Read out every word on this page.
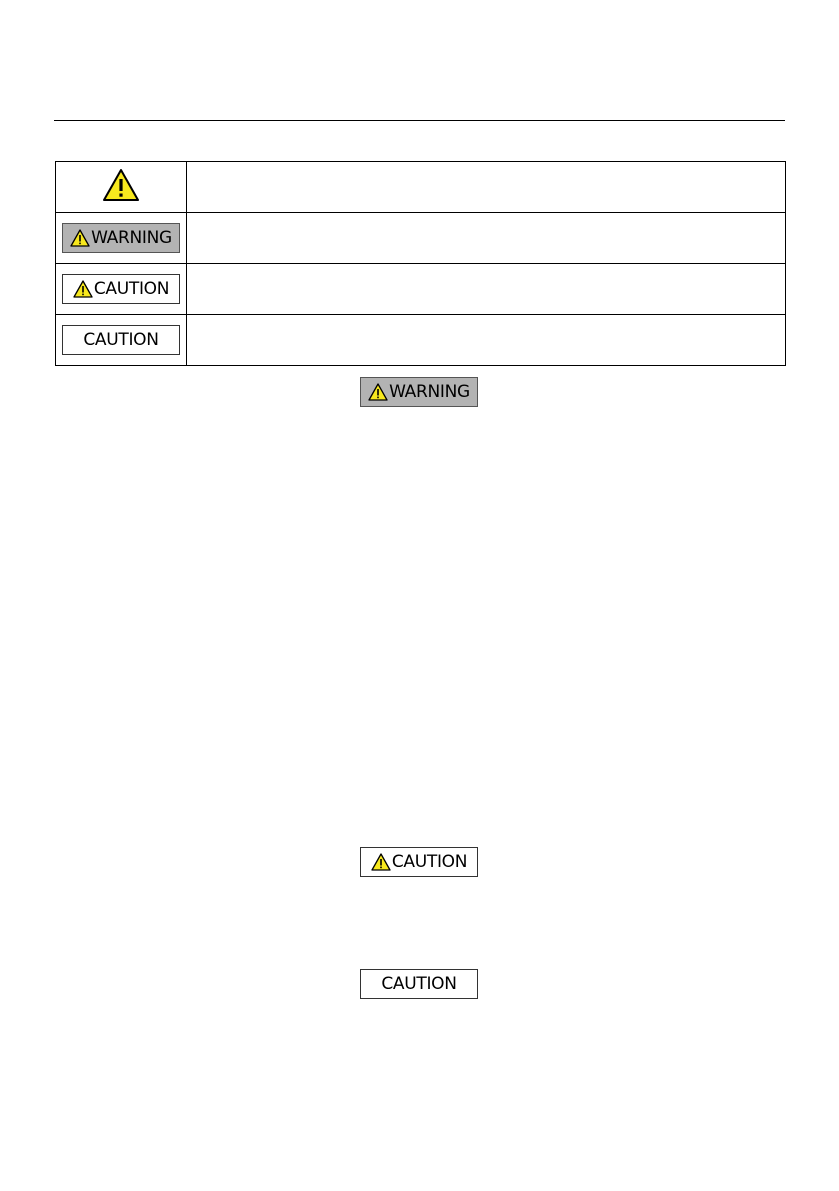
WARNING	

CAUTION	

CAUTION	

WARNING
CAUTION
CAUTION
